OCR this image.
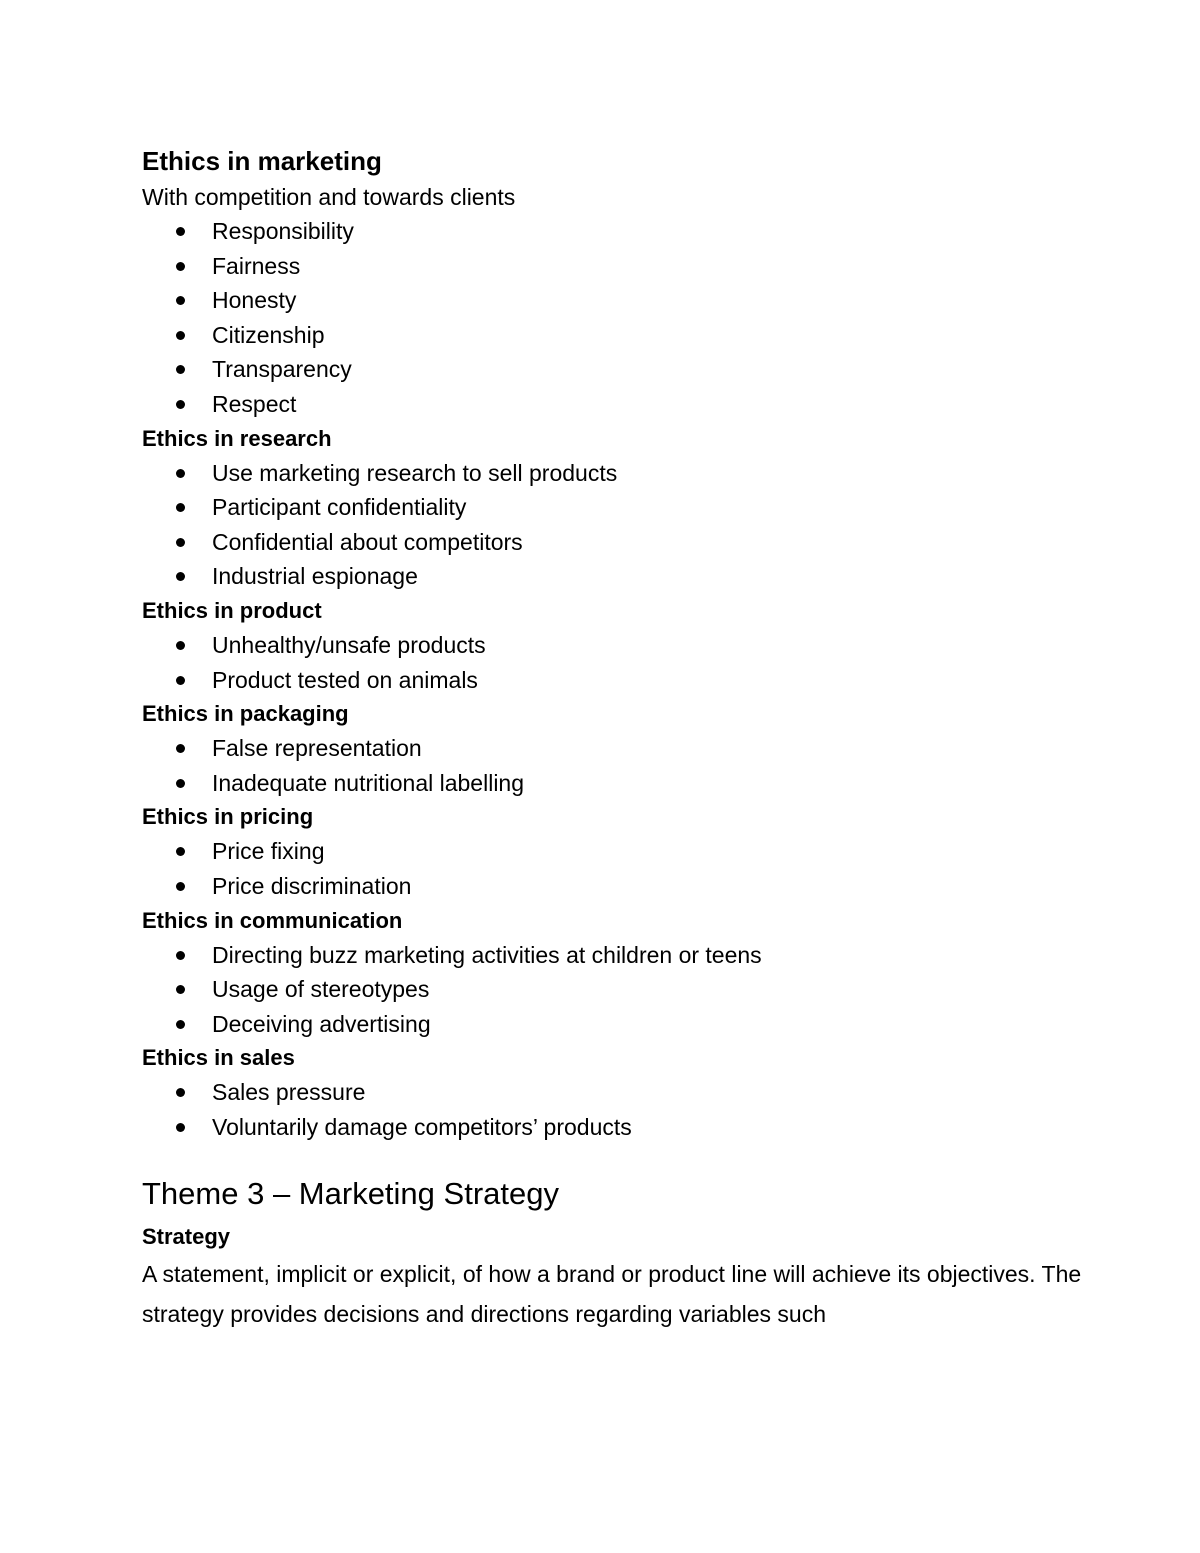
Ethics in marketing

With competition and towards clients

Responsibility
Fairness
Honesty
Citizenship
Transparency
Respect
Ethics in research
Use marketing research to sell products
Participant confidentiality
Confidential about competitors
Industrial espionage
Ethics in product
Unhealthy/unsafe products
Product tested on animals
Ethics in packaging
False representation
Inadequate nutritional labelling
Ethics in pricing
Price fixing
Price discrimination
Ethics in communication
Directing buzz marketing activities at children or teens
Usage of stereotypes
Deceiving advertising
Ethics in sales
Sales pressure
Voluntarily damage competitors’ products
Theme 3 – Marketing Strategy
Strategy

A statement, implicit or explicit, of how a brand or product line will achieve its objectives. The strategy provides decisions and directions regarding variables such
